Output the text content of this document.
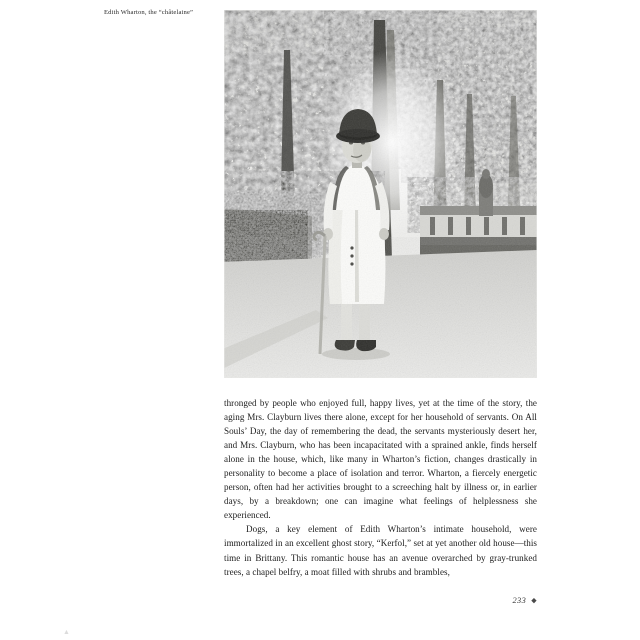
Edith Wharton, the “châtelaine”

thronged by people who enjoyed full, happy lives, yet at the time of the story, the aging Mrs. Clayburn lives there alone, except for her household of servants. On All Souls’ Day, the day of remembering the dead, the servants mysteriously desert her, and Mrs. Clayburn, who has been incapacitated with a sprained ankle, finds herself alone in the house, which, like many in Wharton’s fiction, changes drastically in personality to become a place of isolation and terror. Wharton, a fiercely energetic person, often had her activities brought to a screeching halt by illness or, in earlier days, by a breakdown; one can imagine what feelings of helplessness she experienced.

Dogs, a key element of Edith Wharton’s intimate household, were immortalized in an excellent ghost story, “Kerfol,” set at yet another old house—this time in Brittany. This romantic house has an avenue overarched by gray-trunked trees, a chapel belfry, a moat filled with shrubs and brambles,

233 ◆
▲
